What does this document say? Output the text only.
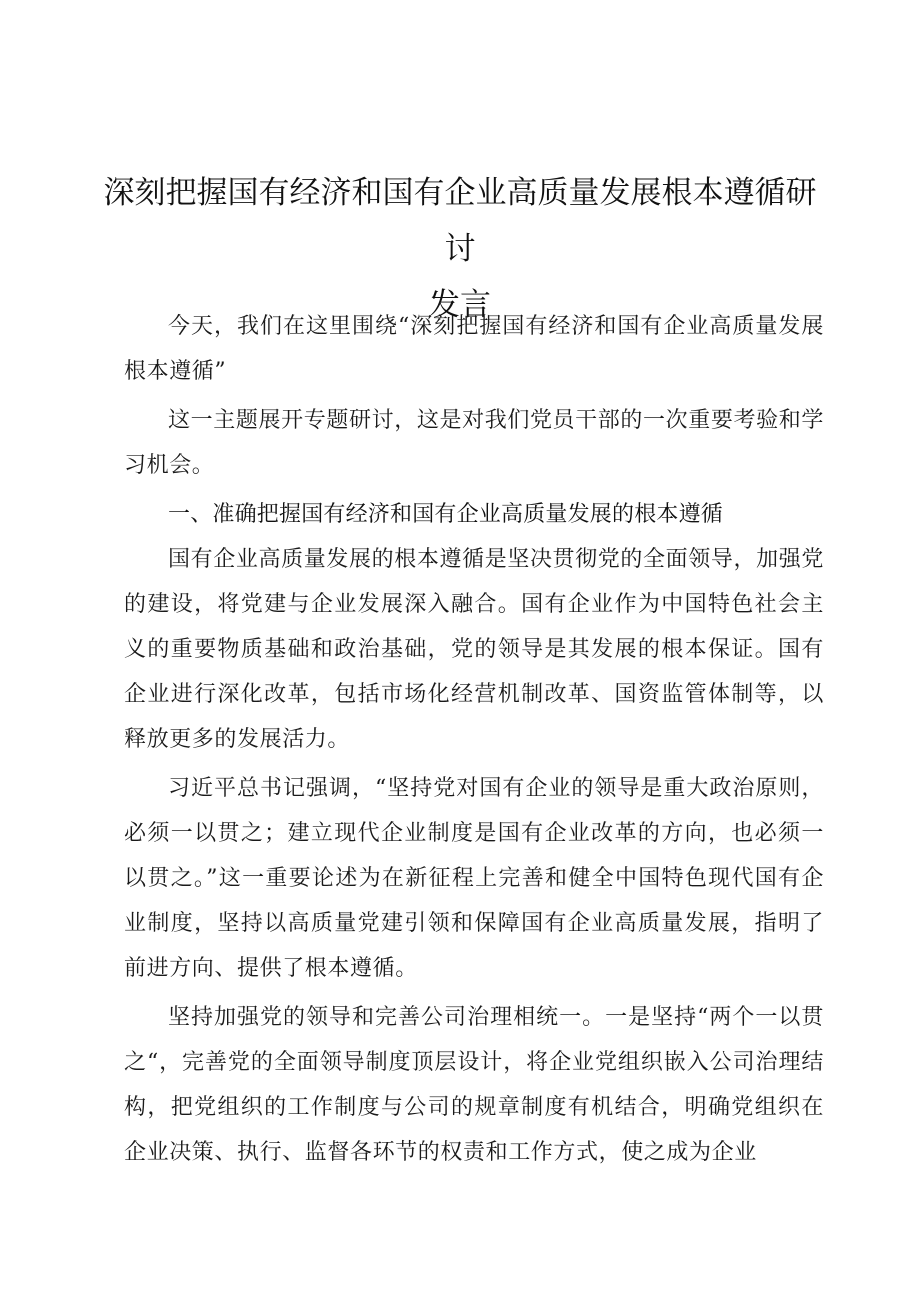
深刻把握国有经济和国有企业高质量发展根本遵循研讨
发言

今天，我们在这里围绕“深刻把握国有经济和国有企业高质量发展根本遵循”

这一主题展开专题研讨，这是对我们党员干部的一次重要考验和学习机会。

一、准确把握国有经济和国有企业高质量发展的根本遵循

国有企业高质量发展的根本遵循是坚决贯彻党的全面领导，加强党的建设，将党建与企业发展深入融合。国有企业作为中国特色社会主义的重要物质基础和政治基础，党的领导是其发展的根本保证。国有企业进行深化改革，包括市场化经营机制改革、国资监管体制等，以释放更多的发展活力。

习近平总书记强调，“坚持党对国有企业的领导是重大政治原则，必须一以贯之；建立现代企业制度是国有企业改革的方向，也必须一以贯之。”这一重要论述为在新征程上完善和健全中国特色现代国有企业制度，坚持以高质量党建引领和保障国有企业高质量发展，指明了前进方向、提供了根本遵循。

坚持加强党的领导和完善公司治理相统一。一是坚持“两个一以贯之“，完善党的全面领导制度顶层设计，将企业党组织嵌入公司治理结构，把党组织的工作制度与公司的规章制度有机结合，明确党组织在企业决策、执行、监督各环节的权责和工作方式，使之成为企业
